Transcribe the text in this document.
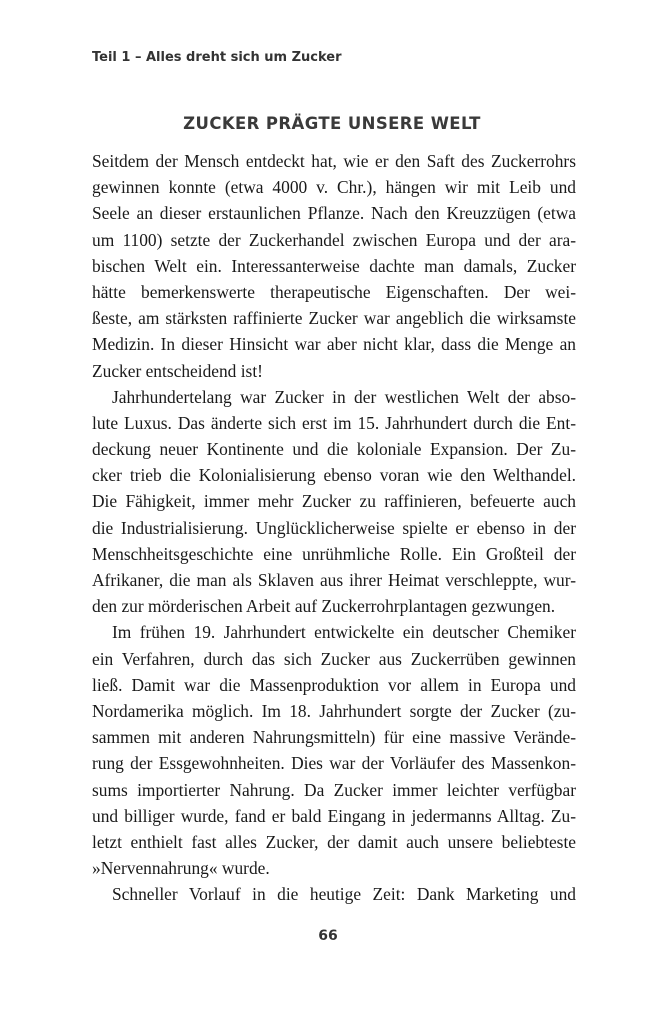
Teil 1 – Alles dreht sich um Zucker
ZUCKER PRÄGTE UNSERE WELT
Seitdem der Mensch entdeckt hat, wie er den Saft des Zuckerrohrs
gewinnen konnte (etwa 4000 v. Chr.), hängen wir mit Leib und
Seele an dieser erstaunlichen Pflanze. Nach den Kreuzzügen (etwa
um 1100) setzte der Zuckerhandel zwischen Europa und der ara-
bischen Welt ein. Interessanterweise dachte man damals, Zucker
hätte bemerkenswerte therapeutische Eigenschaften. Der wei-
ßeste, am stärksten raffinierte Zucker war angeblich die wirksamste
Medizin. In dieser Hinsicht war aber nicht klar, dass die Menge an
Zucker entscheidend ist!
Jahrhundertelang war Zucker in der westlichen Welt der abso-
lute Luxus. Das änderte sich erst im 15. Jahrhundert durch die Ent-
deckung neuer Kontinente und die koloniale Expansion. Der Zu-
cker trieb die Kolonialisierung ebenso voran wie den Welthandel.
Die Fähigkeit, immer mehr Zucker zu raffinieren, befeuerte auch
die Industrialisierung. Unglücklicherweise spielte er ebenso in der
Menschheitsgeschichte eine unrühmliche Rolle. Ein Großteil der
Afrikaner, die man als Sklaven aus ihrer Heimat verschleppte, wur-
den zur mörderischen Arbeit auf Zuckerrohrplantagen gezwungen.
Im frühen 19. Jahrhundert entwickelte ein deutscher Chemiker
ein Verfahren, durch das sich Zucker aus Zuckerrüben gewinnen
ließ. Damit war die Massenproduktion vor allem in Europa und
Nordamerika möglich. Im 18. Jahrhundert sorgte der Zucker (zu-
sammen mit anderen Nahrungsmitteln) für eine massive Verände-
rung der Essgewohnheiten. Dies war der Vorläufer des Massenkon-
sums importierter Nahrung. Da Zucker immer leichter verfügbar
und billiger wurde, fand er bald Eingang in jedermanns Alltag. Zu-
letzt enthielt fast alles Zucker, der damit auch unsere beliebteste
»Nervennahrung« wurde.
Schneller Vorlauf in die heutige Zeit: Dank Marketing und
66
